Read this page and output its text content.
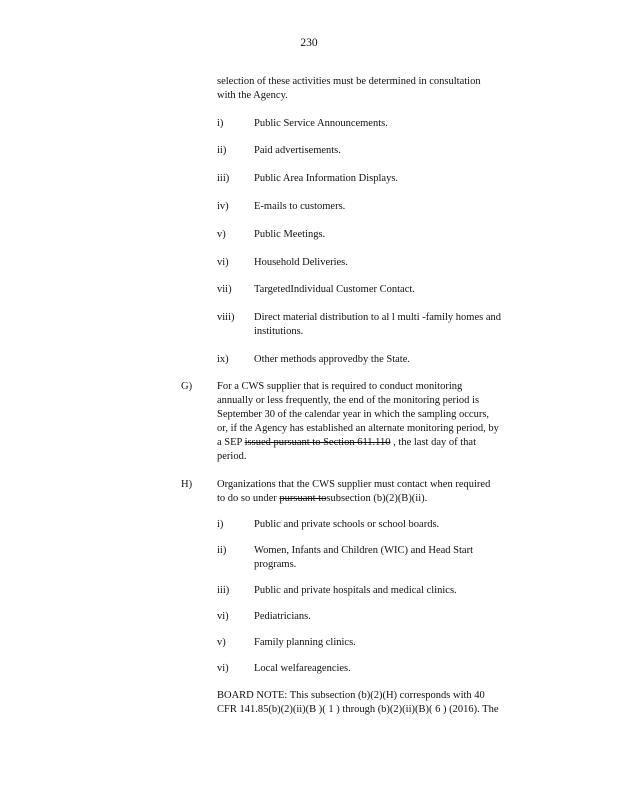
230
selection of these activities must be determined in consultation
with the Agency.
i)	Public Service Announcements.
ii)	Paid advertisements.
iii) Public Area Information Displays.
iv) E-mails to customers.
v)	Public Meetings.
vi) Household Deliveries.
vii) TargetedIndividual Customer Contact.
viii) Direct material distribution to al l multi -family homes and
institutions.
ix) Other methods approvedby the State.
G) For a CWS supplier that is required to conduct monitoring
annually or less frequently, the end of the monitoring period is
September 30 of the calendar year in which the sampling occurs,
or, if the Agency has established an alternate monitoring period, by
a SEP issued pursuant to Section 611.110 , the last day of that
period.
H) Organizations that the CWS supplier must contact when required
to do so under pursuant tosubsection (b)(2)(B)(ii).
i)	Public and private schools or school boards.
ii)	Women, Infants and Children (WIC) and Head Start
programs.
iii) Public and private hospitals and medical clinics.
vi) Pediatricians.
v)	Family planning clinics.
vi) Local welfareagencies.
BOARD NOTE: This subsection (b)(2)(H) corresponds with 40
CFR 141.85(b)(2)(ii)(B )( 1 ) through (b)(2)(ii)(B)( 6 ) (2016). The
